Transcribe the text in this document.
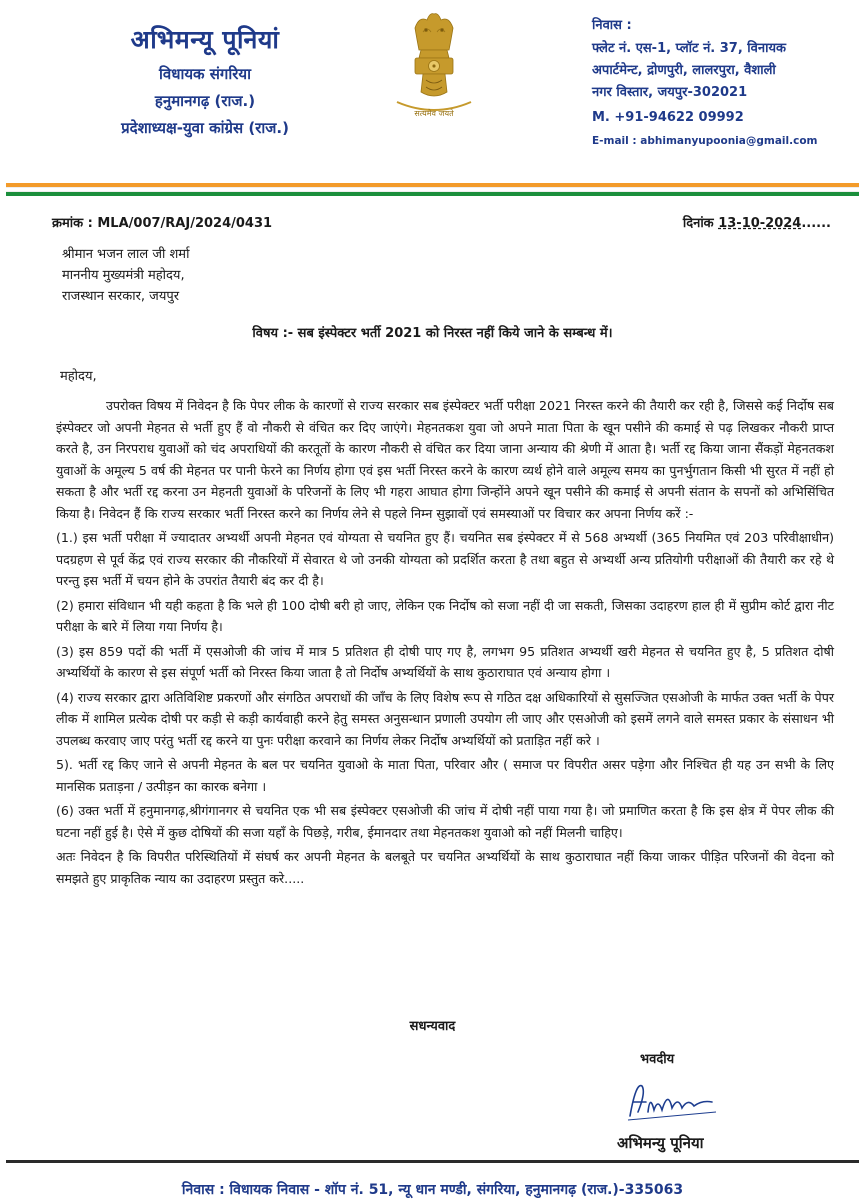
अभिमन्यू पूनियां
विधायक संगरिया
हनुमानगढ़ (राज.)
प्रदेशाध्यक्ष-युवा कांग्रेस (राज.)
सत्यमेव जयते
निवास :
फ्लेट नं. एस-1, प्लॉट नं. 37, विनायक
अपार्टमेन्ट, द्रोणपुरी, लालरपुरा, वैशाली
नगर विस्तार, जयपुर-302021
M. +91-94622 09992
E-mail : abhimanyupoonia@gmail.com
क्रमांक : MLA/007/RAJ/2024/0431	दिनांक 13-10-2024......
श्रीमान भजन लाल जी शर्मा
माननीय मुख्यमंत्री महोदय,
राजस्थान सरकार, जयपुर
विषय :- सब इंस्पेक्टर भर्ती 2021 को निरस्त नहीं किये जाने के सम्बन्ध में।
महोदय,

उपरोक्त विषय में निवेदन है कि पेपर लीक के कारणों से राज्य सरकार सब इंस्पेक्टर भर्ती परीक्षा 2021 निरस्त करने की तैयारी कर रही है, जिससे कई निर्दोष सब इंस्पेक्टर जो अपनी मेहनत से भर्ती हुए हैं वो नौकरी से वंचित कर दिए जाएंगे। मेहनतकश युवा जो अपने माता पिता के खून पसीने की कमाई से पढ़ लिखकर नौकरी प्राप्त करते है, उन निरपराध युवाओं को चंद अपराधियों की करतूतों के कारण नौकरी से वंचित कर दिया जाना अन्याय की श्रेणी में आता है। भर्ती रद्द किया जाना सैंकड़ों मेहनतकश युवाओं के अमूल्य 5 वर्ष की मेहनत पर पानी फेरने का निर्णय होगा एवं इस भर्ती निरस्त करने के कारण व्यर्थ होने वाले अमूल्य समय का पुनर्भुगतान किसी भी सुरत में नहीं हो सकता है और भर्ती रद्द करना उन मेहनती युवाओं के परिजनों के लिए भी गहरा आघात होगा जिन्होंने अपने खून पसीने की कमाई से अपनी संतान के सपनों को अभिसिंचित किया है। निवेदन हैं कि राज्य सरकार भर्ती निरस्त करने का निर्णय लेने से पहले निम्न सुझावों एवं समस्याओं पर विचार कर अपना निर्णय करें :-

(1.) इस भर्ती परीक्षा में ज्यादातर अभ्यर्थी अपनी मेहनत एवं योग्यता से चयनित हुए हैं। चयनित सब इंस्पेक्टर में से 568 अभ्यर्थी (365 नियमित एवं 203 परिवीक्षाधीन) पदग्रहण से पूर्व केंद्र एवं राज्य सरकार की नौकरियों में सेवारत थे जो उनकी योग्यता को प्रदर्शित करता है तथा बहुत से अभ्यर्थी अन्य प्रतियोगी परीक्षाओं की तैयारी कर रहे थे परन्तु इस भर्ती में चयन होने के उपरांत तैयारी बंद कर दी है।

(2) हमारा संविधान भी यही कहता है कि भले ही 100 दोषी बरी हो जाए, लेकिन एक निर्दोष को सजा नहीं दी जा सकती, जिसका उदाहरण हाल ही में सुप्रीम कोर्ट द्वारा नीट परीक्षा के बारे में लिया गया निर्णय है।

(3) इस 859 पदों की भर्ती में एसओजी की जांच में मात्र 5 प्रतिशत ही दोषी पाए गए है, लगभग 95 प्रतिशत अभ्यर्थी खरी मेहनत से चयनित हुए है, 5 प्रतिशत दोषी अभ्यर्थियों के कारण से इस संपूर्ण भर्ती को निरस्त किया जाता है तो निर्दोष अभ्यर्थियों के साथ कुठाराघात एवं अन्याय होगा ।

(4) राज्य सरकार द्वारा अतिविशिष्ट प्रकरणों और संगठित अपराधों की जाँच के लिए विशेष रूप से गठित दक्ष अधिकारियों से सुसज्जित एसओजी के मार्फत उक्त भर्ती के पेपर लीक में शामिल प्रत्येक दोषी पर कड़ी से कड़ी कार्यवाही करने हेतु समस्त अनुसन्धान प्रणाली उपयोग ली जाए और एसओजी को इसमें लगने वाले समस्त प्रकार के संसाधन भी उपलब्ध करवाए जाए परंतु भर्ती रद्द करने या पुनः परीक्षा करवाने का निर्णय लेकर निर्दोष अभ्यर्थियों को प्रताड़ित नहीं करे ।

5). भर्ती रद्द किए जाने से अपनी मेहनत के बल पर चयनित युवाओ के माता पिता, परिवार और ( समाज पर विपरीत असर पड़ेगा और निश्चित ही यह उन सभी के लिए मानसिक प्रताड़ना / उत्पीड़न का कारक बनेगा ।

(6) उक्त भर्ती में हनुमानगढ़,श्रीगंगानगर से चयनित एक भी सब इंस्पेक्टर एसओजी की जांच में दोषी नहीं पाया गया है। जो प्रमाणित करता है कि इस क्षेत्र में पेपर लीक की घटना नहीं हुई है। ऐसे में कुछ दोषियों की सजा यहाँ के पिछड़े, गरीब, ईमानदार तथा मेहनतकश युवाओ को नहीं मिलनी चाहिए।

अतः निवेदन है कि विपरीत परिस्थितियों में संघर्ष कर अपनी मेहनत के बलबूते पर चयनित अभ्यर्थियों के साथ कुठाराघात नहीं किया जाकर पीड़ित परिजनों की वेदना को समझते हुए प्राकृतिक न्याय का उदाहरण प्रस्तुत करे.....

सधन्यवाद
भवदीय
अभिमन्यु पूनिया
निवास : विधायक निवास - शॉप नं. 51, न्यू धान मण्डी, संगरिया, हनुमानगढ़ (राज.)-335063
